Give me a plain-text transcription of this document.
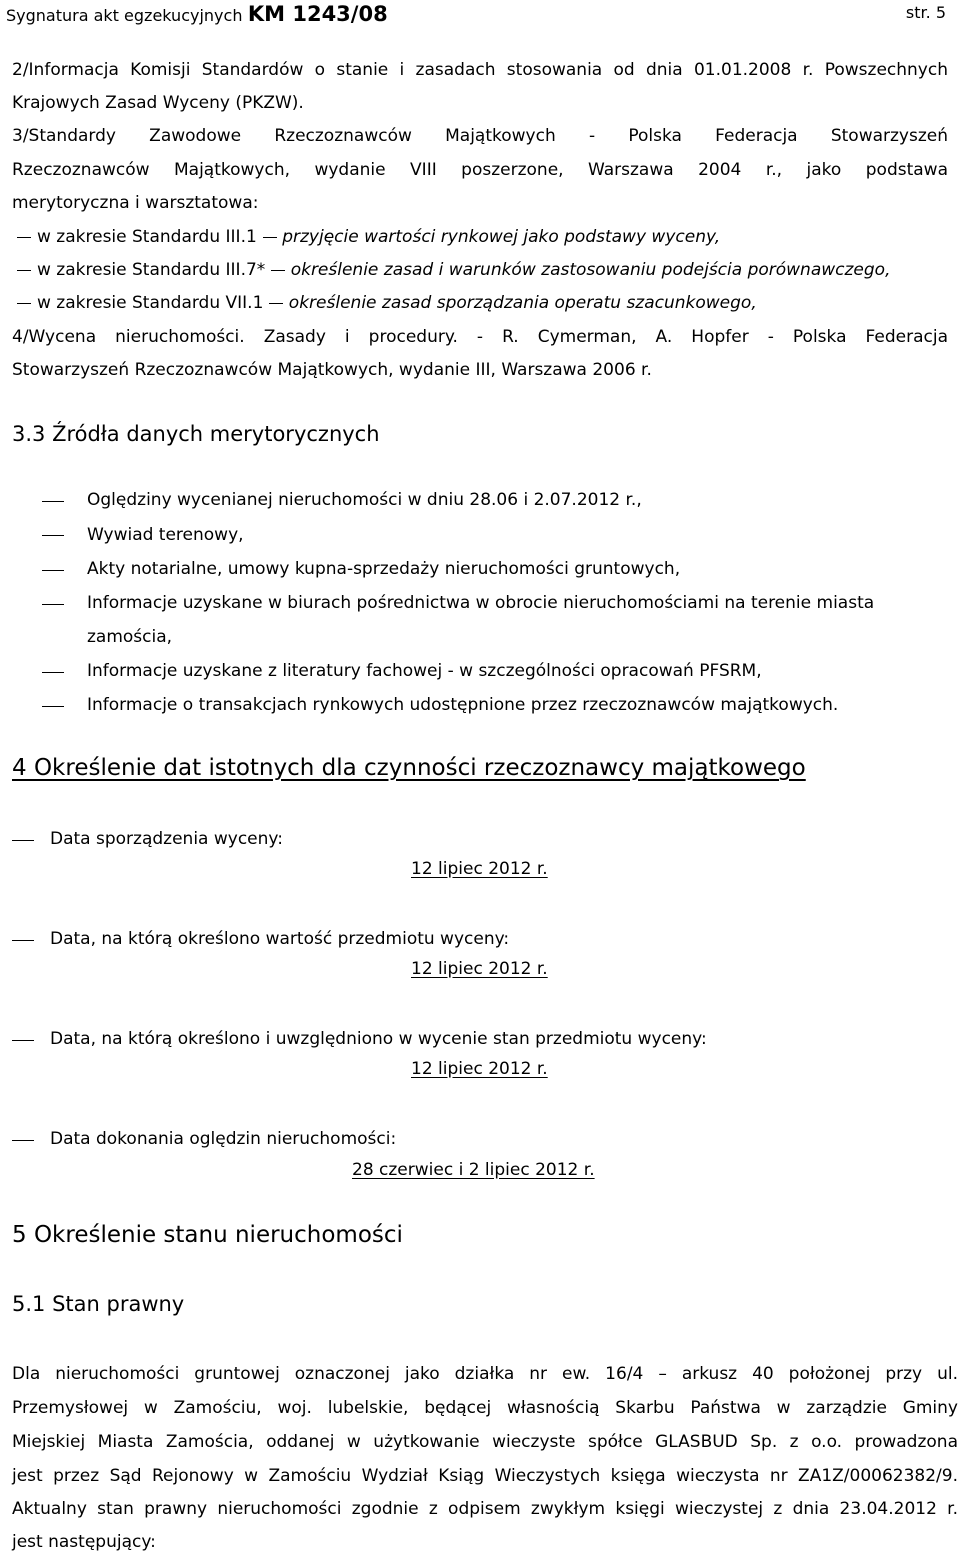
Sygnatura akt egzekucyjnych KM 1243/08	str. 5
2/Informacja Komisji Standardów o stanie i zasadach stosowania od dnia 01.01.2008 r. Powszechnych
Krajowych Zasad Wyceny (PKZW).
3/Standardy Zawodowe Rzeczoznawców Majątkowych - Polska Federacja Stowarzyszeń
Rzeczoznawców Majątkowych, wydanie VIII poszerzone, Warszawa 2004 r., jako podstawa
merytoryczna i warsztatowa:
w zakresie Standardu III.1 przyjęcie wartości rynkowej jako podstawy wyceny,
w zakresie Standardu III.7* określenie zasad i warunków zastosowaniu podejścia porównawczego,
w zakresie Standardu VII.1 określenie zasad sporządzania operatu szacunkowego,
4/Wycena nieruchomości. Zasady i procedury. - R. Cymerman, A. Hopfer - Polska Federacja
Stowarzyszeń Rzeczoznawców Majątkowych, wydanie III, Warszawa 2006 r.
3.3 Źródła danych merytorycznych
Oględziny wycenianej nieruchomości w dniu 28.06 i 2.07.2012 r.,
Wywiad terenowy,
Akty notarialne, umowy kupna-sprzedaży nieruchomości gruntowych,
Informacje uzyskane w biurach pośrednictwa w obrocie nieruchomościami na terenie miasta
zamościa,
Informacje uzyskane z literatury fachowej - w szczególności opracowań PFSRM,
Informacje o transakcjach rynkowych udostępnione przez rzeczoznawców majątkowych.
4 Określenie dat istotnych dla czynności rzeczoznawcy majątkowego
Data sporządzenia wyceny:
12 lipiec 2012 r.
Data, na którą określono wartość przedmiotu wyceny:
12 lipiec 2012 r.
Data, na którą określono i uwzględniono w wycenie stan przedmiotu wyceny:
12 lipiec 2012 r.
Data dokonania oględzin nieruchomości:
28 czerwiec i 2 lipiec 2012 r.
5 Określenie stanu nieruchomości
5.1 Stan prawny
Dla nieruchomości gruntowej oznaczonej jako działka nr ew. 16/4 – arkusz 40 położonej przy ul.
Przemysłowej w Zamościu, woj. lubelskie, będącej własnością Skarbu Państwa w zarządzie Gminy
Miejskiej Miasta Zamościa, oddanej w użytkowanie wieczyste spółce GLASBUD Sp. z o.o. prowadzona
jest przez Sąd Rejonowy w Zamościu Wydział Ksiąg Wieczystych księga wieczysta nr ZA1Z/00062382/9.
Aktualny stan prawny nieruchomości zgodnie z odpisem zwykłym księgi wieczystej z dnia 23.04.2012 r.
jest następujący:
